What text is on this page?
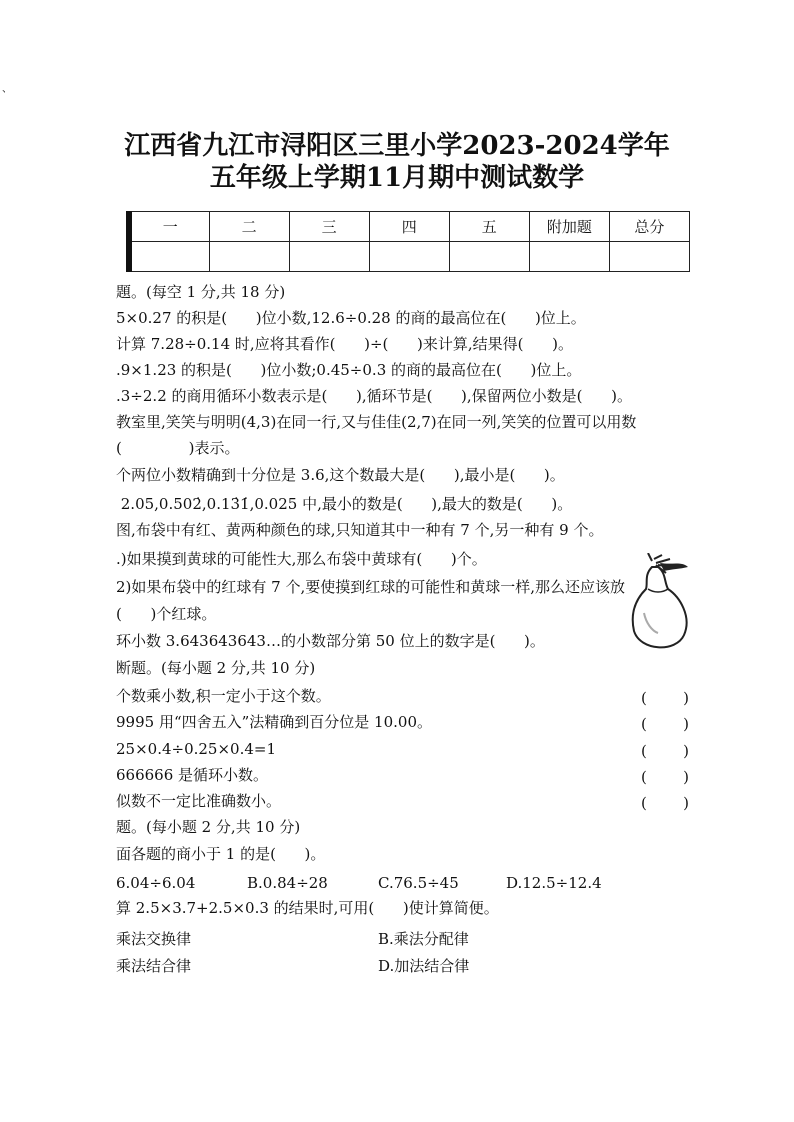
、
江西省九江市浔阳区三里小学2023-2024学年
五年级上学期11月期中测试数学
一	二	三	四	五	附加题	总分

題。(每空 1 分,共 18 分)
5×0.27 的积是(      )位小数,12.6÷0.28 的商的最高位在(      )位上。
计算 7.28÷0.14 时,应将其看作(      )÷(      )来计算,结果得(      )。
.9×1.23 的积是(      )位小数;0.45÷0.3 的商的最高位在(      )位上。
.3÷2.2 的商用循环小数表示是(      ),循环节是(      ),保留两位小数是(      )。
教室里,笑笑与明明(4,3)在同一行,又与佳佳(2,7)在同一列,笑笑的位置可以用数
(              )表示。
个两位小数精确到十分位是 3.6,这个数最大是(      ),最小是(      )。
2.05,0.502̇,0.13̇1̇,0.025 中,最小的数是(      ),最大的数是(      )。
图,布袋中有红、黄两种颜色的球,只知道其中一种有 7 个,另一种有 9 个。
.)如果摸到黄球的可能性大,那么布袋中黄球有(      )个。
2)如果布袋中的红球有 7 个,要使摸到红球的可能性和黄球一样,那么还应该放
(      )个红球。
环小数 3.643643643…的小数部分第 50 位上的数字是(      )。
断题。(每小题 2 分,共 10 分)
个数乘小数,积一定小于这个数。	( )
9995 用“四舍五入”法精确到百分位是 10.00。	( )
25×0.4÷0.25×0.4=1	( )
666666 是循环小数。	( )
似数不一定比准确数小。	( )
题。(每小题 2 分,共 10 分)
面各题的商小于 1 的是(      )。
6.04÷6.04	B.0.84÷28	C.76.5÷45	D.12.5÷12.4
算 2.5×3.7+2.5×0.3 的结果时,可用(      )使计算简便。
乘法交换律	B.乘法分配律
乘法结合律	D.加法结合律
